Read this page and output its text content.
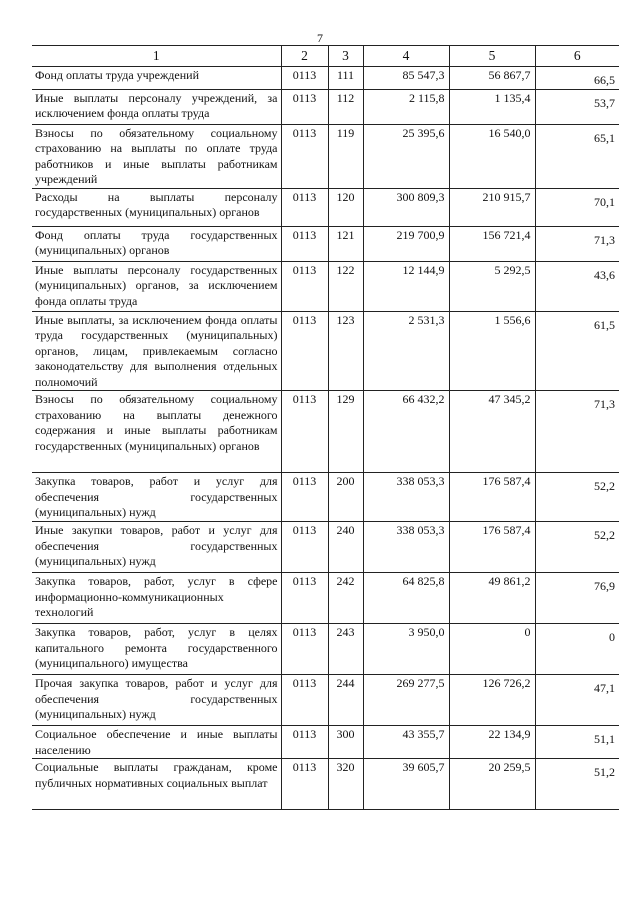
7
1	2	3	4	5	6
Фонд оплаты труда учреждений	0113	111	85 547,3	56 867,7	66,5
Иные выплаты персоналу учреждений, за исключением фонда оплаты труда	0113	112	2 115,8	1 135,4	53,7
Взносы по обязательному социальному страхованию на выплаты по оплате труда работников и иные выплаты работникам учреждений	0113	119	25 395,6	16 540,0	65,1
Расходы на выплаты персоналу государственных (муниципальных) органов	0113	120	300 809,3	210 915,7	70,1
Фонд оплаты труда государственных (муниципальных) органов	0113	121	219 700,9	156 721,4	71,3
Иные выплаты персоналу государственных (муниципальных) органов, за исключением фонда оплаты труда	0113	122	12 144,9	5 292,5	43,6
Иные выплаты, за исключением фонда оплаты труда государственных (муниципальных) органов, лицам, привлекаемым согласно законодательству для выполнения отдельных полномочий	0113	123	2 531,3	1 556,6	61,5
Взносы по обязательному социальному страхованию на выплаты денежного содержания и иные выплаты работникам государственных (муниципальных) органов	0113	129	66 432,2	47 345,2	71,3
Закупка товаров, работ и услуг для обеспечения государственных (муниципальных) нужд	0113	200	338 053,3	176 587,4	52,2
Иные закупки товаров, работ и услуг для обеспечения государственных (муниципальных) нужд	0113	240	338 053,3	176 587,4	52,2
Закупка товаров, работ, услуг в сфере информационно-коммуникационных технологий	0113	242	64 825,8	49 861,2	76,9
Закупка товаров, работ, услуг в целях капитального ремонта государственного (муниципального) имущества	0113	243	3 950,0	0	0
Прочая закупка товаров, работ и услуг для обеспечения государственных (муниципальных) нужд	0113	244	269 277,5	126 726,2	47,1
Социальное обеспечение и иные выплаты населению	0113	300	43 355,7	22 134,9	51,1
Социальные выплаты гражданам, кроме публичных нормативных социальных выплат	0113	320	39 605,7	20 259,5	51,2
